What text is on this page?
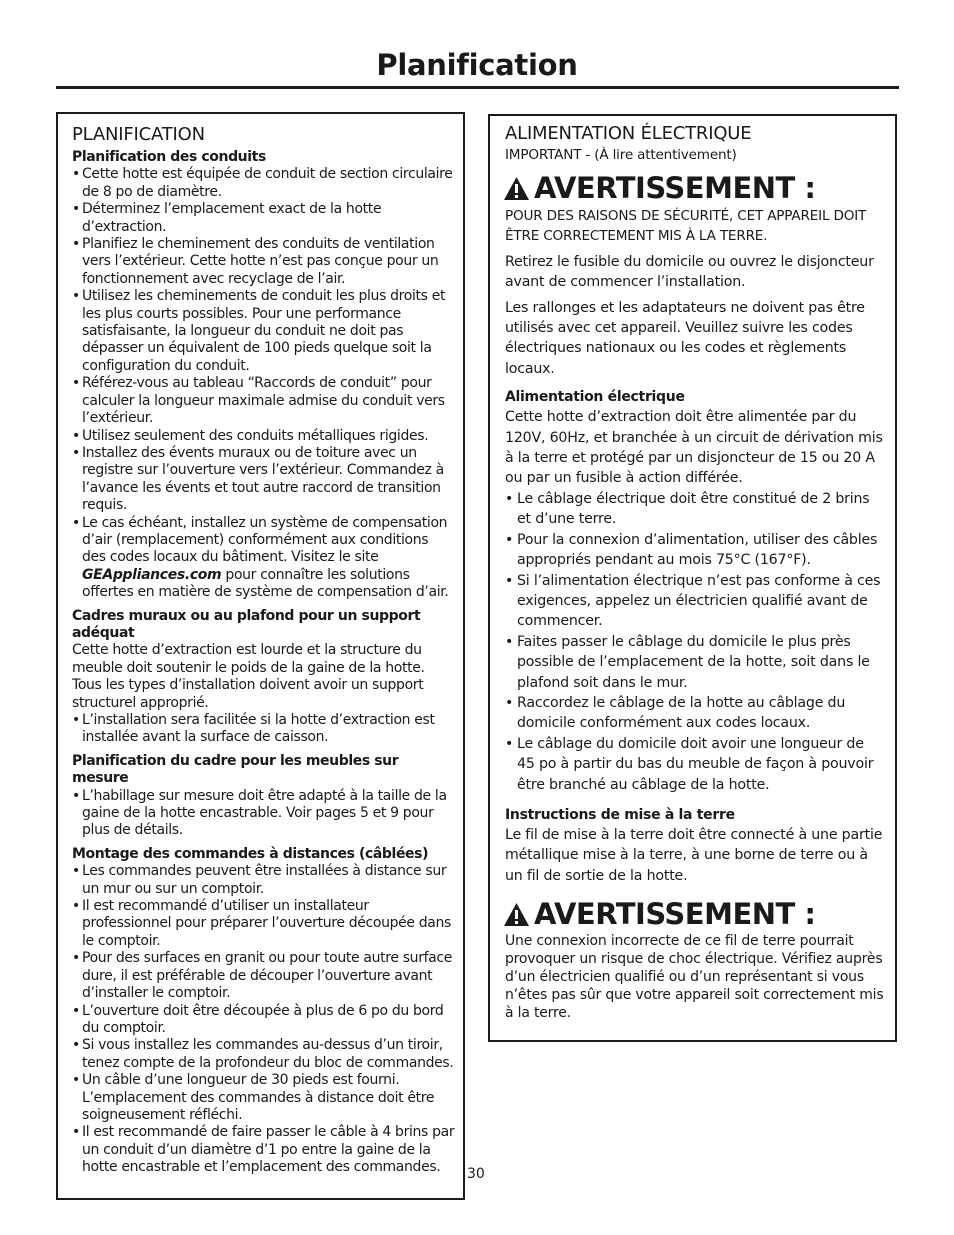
Planification
PLANIFICATION
Planification des conduits
• Cette hotte est équipée de conduit de section circulaire de 8 po de diamètre.
• Déterminez l’emplacement exact de la hotte d’extraction.
• Planifiez le cheminement des conduits de ventilation vers l’extérieur. Cette hotte n’est pas conçue pour un fonctionnement avec recyclage de l’air.
• Utilisez les cheminements de conduit les plus droits et les plus courts possibles. Pour une performance satisfaisante, la longueur du conduit ne doit pas dépasser un équivalent de 100 pieds quelque soit la configuration du conduit.
• Référez-vous au tableau “Raccords de conduit” pour calculer la longueur maximale admise du conduit vers l’extérieur.
• Utilisez seulement des conduits métalliques rigides.
• Installez des évents muraux ou de toiture avec un registre sur l’ouverture vers l’extérieur. Commandez à l’avance les évents et tout autre raccord de transition requis.
• Le cas échéant, installez un système de compensation d’air (remplacement) conformément aux conditions des codes locaux du bâtiment. Visitez le site GEAppliances.com pour connaître les solutions offertes en matière de système de compensation d’air.
Cadres muraux ou au plafond pour un support adéquat

Cette hotte d’extraction est lourde et la structure du meuble doit soutenir le poids de la gaine de la hotte. Tous les types d’installation doivent avoir un support structurel approprié.

• L’installation sera facilitée si la hotte d’extraction est installée avant la surface de caisson.
Planification du cadre pour les meubles sur mesure
• L’habillage sur mesure doit être adapté à la taille de la gaine de la hotte encastrable. Voir pages 5 et 9 pour plus de détails.
Montage des commandes à distances (câblées)
• Les commandes peuvent être installées à distance sur un mur ou sur un comptoir.
• Il est recommandé d’utiliser un installateur professionnel pour préparer l’ouverture découpée dans le comptoir.
• Pour des surfaces en granit ou pour toute autre surface dure, il est préférable de découper l’ouverture avant d’installer le comptoir.
• L’ouverture doit être découpée à plus de 6 po du bord du comptoir.
• Si vous installez les commandes au-dessus d’un tiroir, tenez compte de la profondeur du bloc de commandes.
• Un câble d’une longueur de 30 pieds est fourni. L’emplacement des commandes à distance doit être soigneusement réfléchi.
• Il est recommandé de faire passer le câble à 4 brins par un conduit d’un diamètre d’1 po entre la gaine de la hotte encastrable et l’emplacement des commandes.
ALIMENTATION ÉLECTRIQUE

IMPORTANT - (À lire attentivement)

AVERTISSEMENT :

POUR DES RAISONS DE SÉCURITÉ, CET APPAREIL DOIT ÊTRE CORRECTEMENT MIS À LA TERRE.

Retirez le fusible du domicile ou ouvrez le disjoncteur avant de commencer l’installation.

Les rallonges et les adaptateurs ne doivent pas être utilisés avec cet appareil. Veuillez suivre les codes électriques nationaux ou les codes et règlements locaux.

Alimentation électrique

Cette hotte d’extraction doit être alimentée par du 120V, 60Hz, et branchée à un circuit de dérivation mis à la terre et protégé par un disjoncteur de 15 ou 20 A ou par un fusible à action différée.

• Le câblage électrique doit être constitué de 2 brins et d’une terre.
• Pour la connexion d’alimentation, utiliser des câbles appropriés pendant au mois 75°C (167°F).
• Si l’alimentation électrique n’est pas conforme à ces exigences, appelez un électricien qualifié avant de commencer.
• Faites passer le câblage du domicile le plus près possible de l’emplacement de la hotte, soit dans le plafond soit dans le mur.
• Raccordez le câblage de la hotte au câblage du domicile conformément aux codes locaux.
• Le câblage du domicile doit avoir une longueur de 45 po à partir du bas du meuble de façon à pouvoir être branché au câblage de la hotte.
Instructions de mise à la terre

Le fil de mise à la terre doit être connecté à une partie métallique mise à la terre, à une borne de terre ou à un fil de sortie de la hotte.

AVERTISSEMENT :

Une connexion incorrecte de ce fil de terre pourrait provoquer un risque de choc électrique. Vérifiez auprès d’un électricien qualifié ou d’un représentant si vous n’êtes pas sûr que votre appareil soit correctement mis à la terre.

30
